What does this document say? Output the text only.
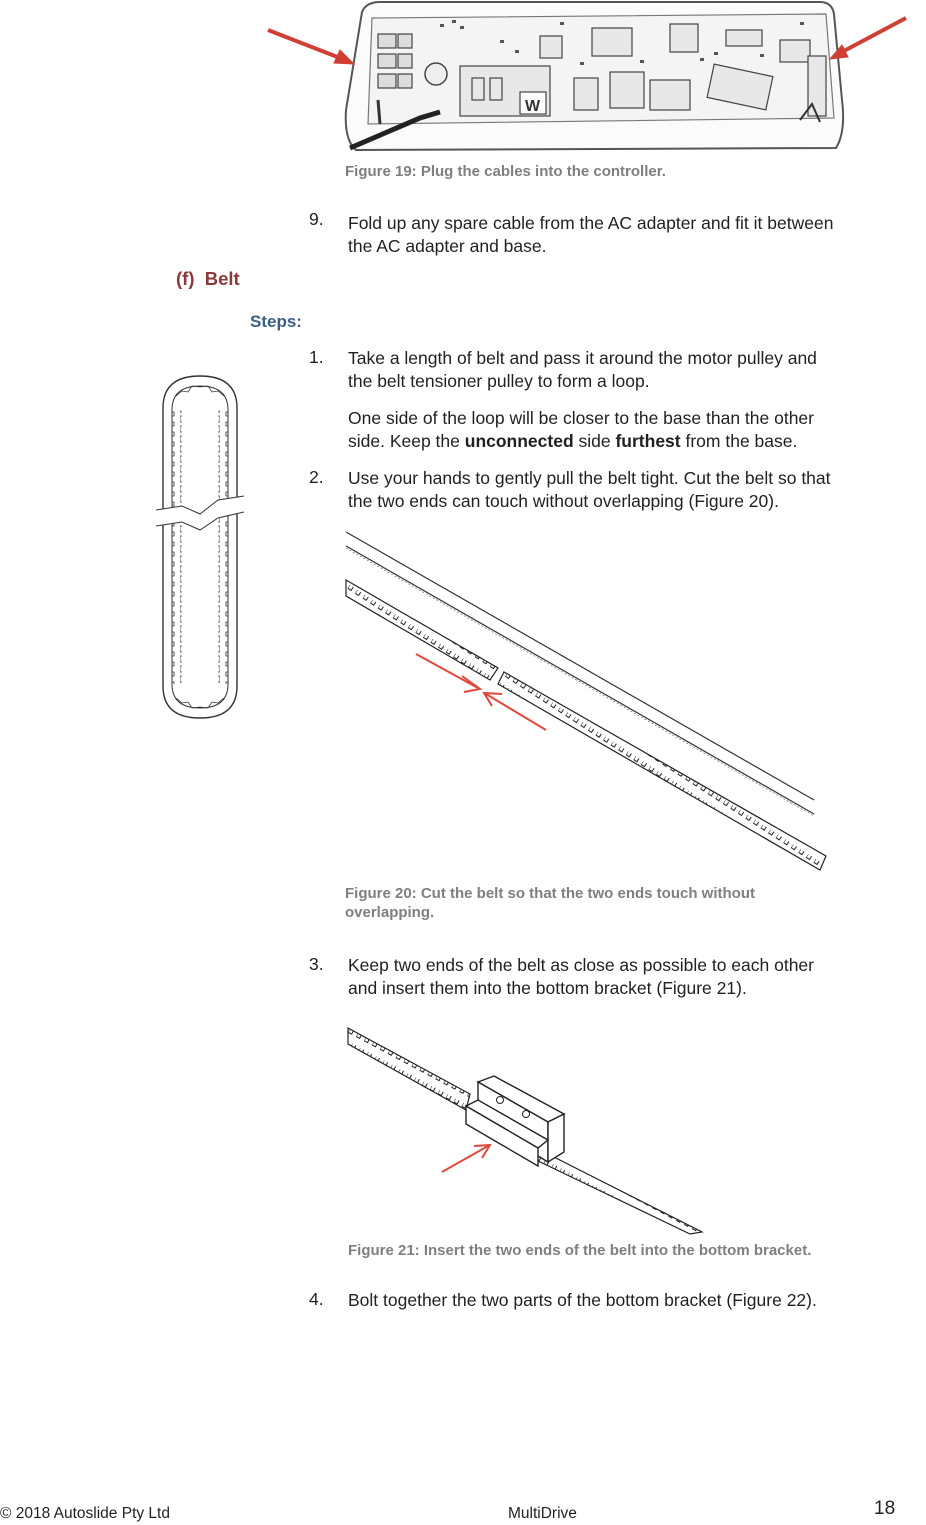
W
Figure 19: Plug the cables into the controller.
9. Fold up any spare cable from the AC adapter and fit it between
the AC adapter and base.
(f) Belt
Steps:
1. Take a length of belt and pass it around the motor pulley and
the belt tensioner pulley to form a loop.
One side of the loop will be closer to the base than the other
side. Keep the unconnected side furthest from the base.
2. Use your hands to gently pull the belt tight. Cut the belt so that
the two ends can touch without overlapping (Figure 20).
Figure 20: Cut the belt so that the two ends touch without
overlapping.
3. Keep two ends of the belt as close as possible to each other
and insert them into the bottom bracket (Figure 21).
Figure 21: Insert the two ends of the belt into the bottom bracket.
4. Bolt together the two parts of the bottom bracket (Figure 22).
© 2018 Autoslide Pty Ltd	MultiDrive	18
